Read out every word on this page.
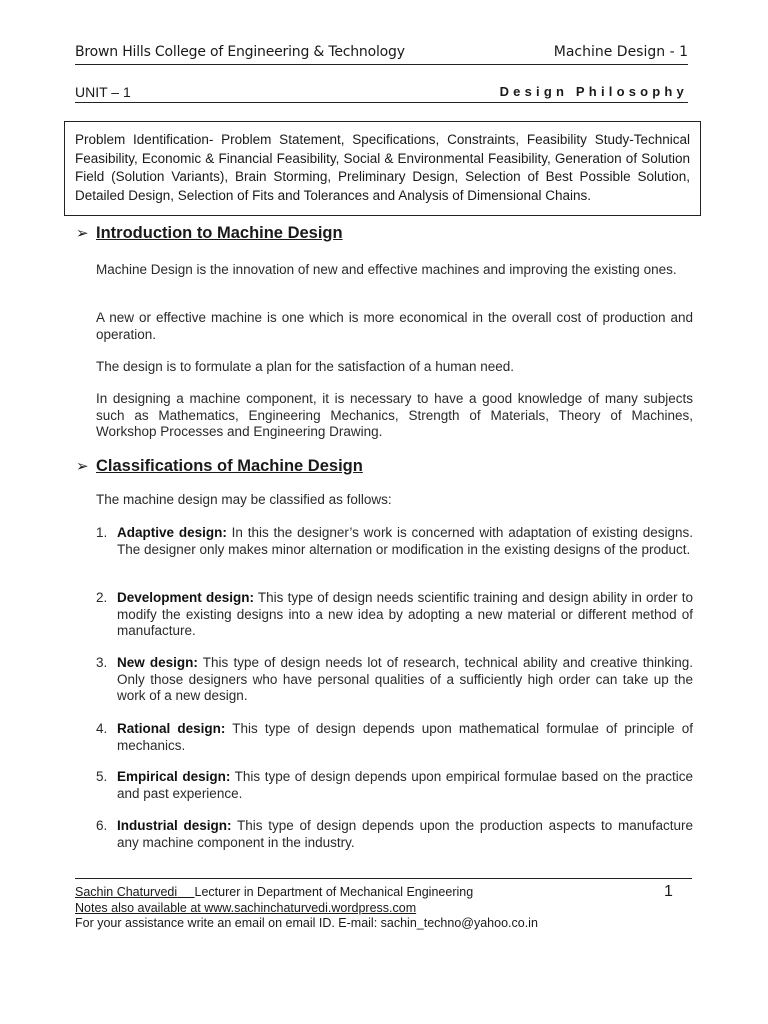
Brown Hills College of Engineering & Technology	Machine Design - 1
UNIT – 1	Design Philosophy

Problem Identification- Problem Statement, Specifications, Constraints, Feasibility Study-Technical Feasibility, Economic & Financial Feasibility, Social & Environmental Feasibility, Generation of Solution Field (Solution Variants), Brain Storming, Preliminary Design, Selection of Best Possible Solution, Detailed Design, Selection of Fits and Tolerances and Analysis of Dimensional Chains.

➢ Introduction to Machine Design

Machine Design is the innovation of new and effective machines and improving the existing ones.

A new or effective machine is one which is more economical in the overall cost of production and operation.

The design is to formulate a plan for the satisfaction of a human need.

In designing a machine component, it is necessary to have a good knowledge of many subjects such as Mathematics, Engineering Mechanics, Strength of Materials, Theory of Machines, Workshop Processes and Engineering Drawing.

➢ Classifications of Machine Design

The machine design may be classified as follows:

1. Adaptive design: In this the designer’s work is concerned with adaptation of existing designs. The designer only makes minor alternation or modification in the existing designs of the product.

2. Development design: This type of design needs scientific training and design ability in order to modify the existing designs into a new idea by adopting a new material or different method of manufacture.

3. New design: This type of design needs lot of research, technical ability and creative thinking. Only those designers who have personal qualities of a sufficiently high order can take up the work of a new design.

4. Rational design: This type of design depends upon mathematical formulae of principle of mechanics.

5. Empirical design: This type of design depends upon empirical formulae based on the practice and past experience.

6. Industrial design: This type of design depends upon the production aspects to manufacture any machine component in the industry.

Sachin Chaturvedi Lecturer in Department of Mechanical Engineering
Notes also available at www.sachinchaturvedi.wordpress.com
For your assistance write an email on email ID. E-mail: sachin_techno@yahoo.co.in
1
